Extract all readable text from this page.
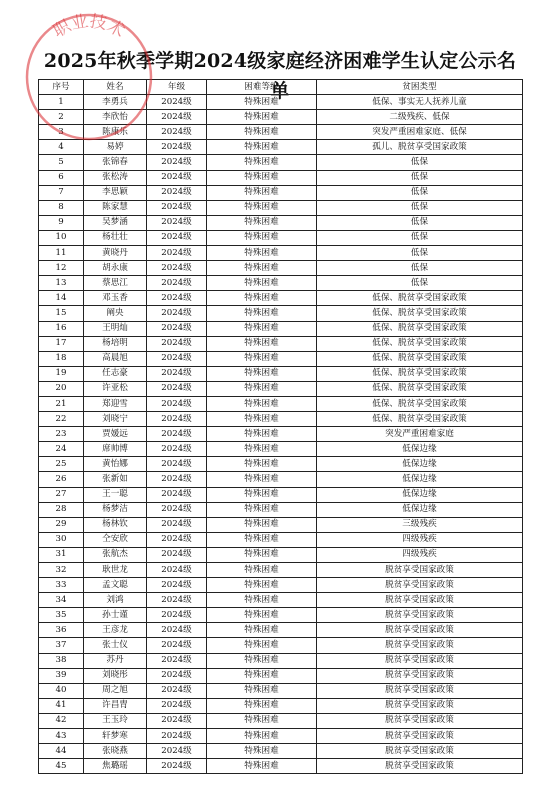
2025年秋季学期2024级家庭经济困难学生认定公示名单
序号	姓名	年级	困难等级	贫困类型
1	李勇兵	2024级	特殊困难	低保、事实无人抚养儿童
2	李欣怡	2024级	特殊困难	二级残疾、低保
3	陈康乐	2024级	特殊困难	突发严重困难家庭、低保
4	易婷	2024级	特殊困难	孤儿、脱贫享受国家政策
5	张锦春	2024级	特殊困难	低保
6	张松涛	2024级	特殊困难	低保
7	李思颖	2024级	特殊困难	低保
8	陈家慧	2024级	特殊困难	低保
9	吴梦涵	2024级	特殊困难	低保
10	杨壮壮	2024级	特殊困难	低保
11	黄晓丹	2024级	特殊困难	低保
12	胡永康	2024级	特殊困难	低保
13	蔡思江	2024级	特殊困难	低保
14	邓玉香	2024级	特殊困难	低保、脱贫享受国家政策
15	阐央	2024级	特殊困难	低保、脱贫享受国家政策
16	王明灿	2024级	特殊困难	低保、脱贫享受国家政策
17	杨培明	2024级	特殊困难	低保、脱贫享受国家政策
18	高晨旭	2024级	特殊困难	低保、脱贫享受国家政策
19	任志豪	2024级	特殊困难	低保、脱贫享受国家政策
20	许亚松	2024级	特殊困难	低保、脱贫享受国家政策
21	郑迎雪	2024级	特殊困难	低保、脱贫享受国家政策
22	刘晓宁	2024级	特殊困难	低保、脱贫享受国家政策
23	贾媛远	2024级	特殊困难	突发严重困难家庭
24	席帅博	2024级	特殊困难	低保边缘
25	黄怡娜	2024级	特殊困难	低保边缘
26	张新如	2024级	特殊困难	低保边缘
27	王一聪	2024级	特殊困难	低保边缘
28	杨梦洁	2024级	特殊困难	低保边缘
29	杨林钦	2024级	特殊困难	三级残疾
30	仝安欣	2024级	特殊困难	四级残疾
31	张航杰	2024级	特殊困难	四级残疾
32	耿世龙	2024级	特殊困难	脱贫享受国家政策
33	孟文聪	2024级	特殊困难	脱贫享受国家政策
34	刘鸿	2024级	特殊困难	脱贫享受国家政策
35	孙士谨	2024级	特殊困难	脱贫享受国家政策
36	王彦龙	2024级	特殊困难	脱贫享受国家政策
37	张士仪	2024级	特殊困难	脱贫享受国家政策
38	苏丹	2024级	特殊困难	脱贫享受国家政策
39	刘晓彤	2024级	特殊困难	脱贫享受国家政策
40	周之旭	2024级	特殊困难	脱贫享受国家政策
41	许昌胄	2024级	特殊困难	脱贫享受国家政策
42	王玉玲	2024级	特殊困难	脱贫享受国家政策
43	轩梦寒	2024级	特殊困难	脱贫享受国家政策
44	张晓燕	2024级	特殊困难	脱贫享受国家政策
45	焦璐瑶	2024级	特殊困难	脱贫享受国家政策
职业技术
